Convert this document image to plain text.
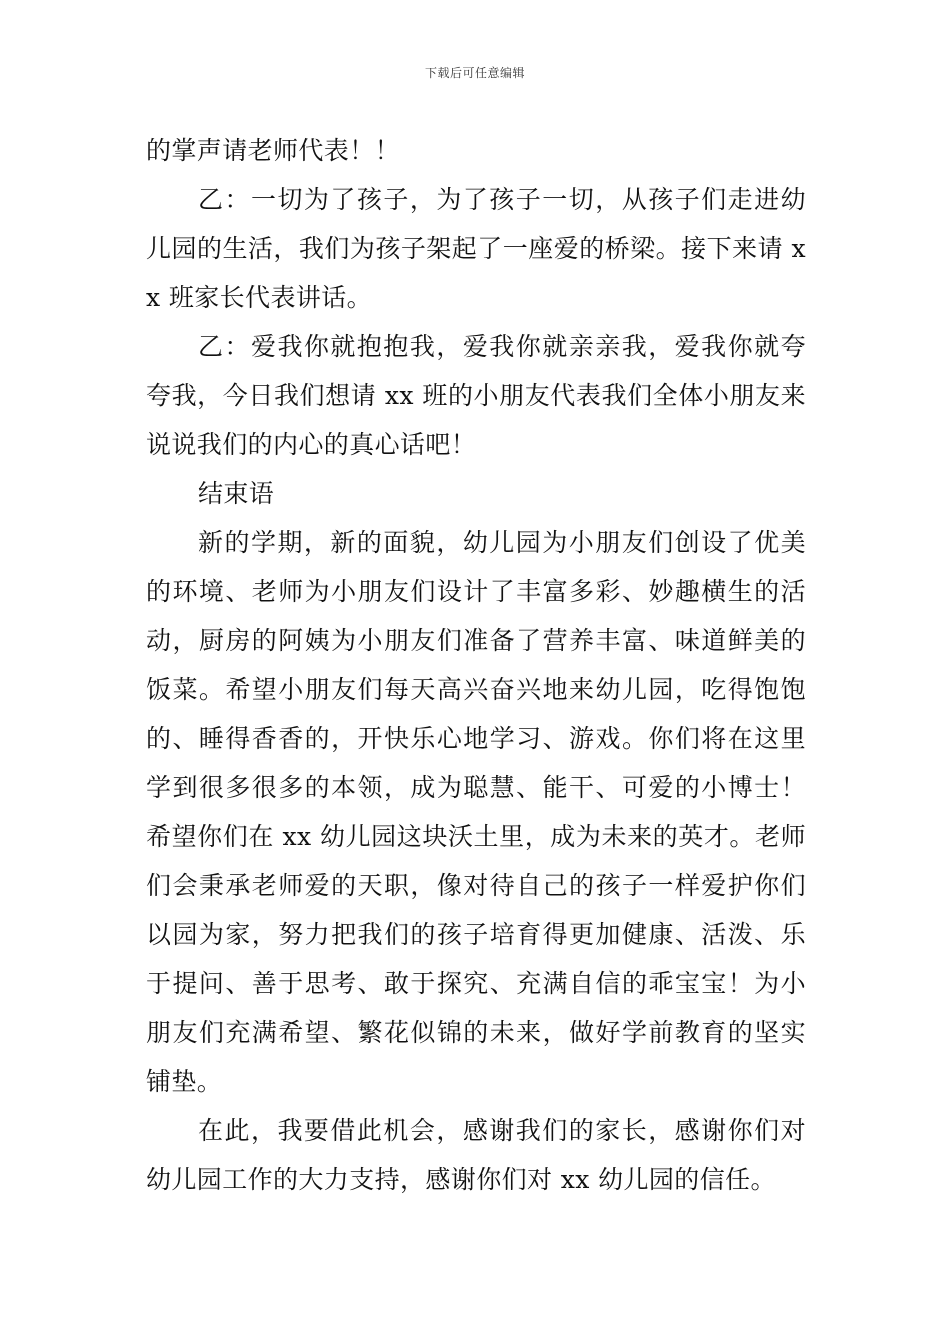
下载后可任意编辑

的掌声请老师代表！！

乙：一切为了孩子，为了孩子一切，从孩子们走进幼儿园的生活，我们为孩子架起了一座爱的桥梁。接下来请 xx 班家长代表讲话。

乙：爱我你就抱抱我，爱我你就亲亲我，爱我你就夸夸我，今日我们想请 xx 班的小朋友代表我们全体小朋友来说说我们的内心的真心话吧！

结束语

新的学期，新的面貌，幼儿园为小朋友们创设了优美的环境、老师为小朋友们设计了丰富多彩、妙趣横生的活动，厨房的阿姨为小朋友们准备了营养丰富、味道鲜美的饭菜。希望小朋友们每天高兴奋兴地来幼儿园，吃得饱饱的、睡得香香的，开快乐心地学习、游戏。你们将在这里学到很多很多的本领，成为聪慧、能干、可爱的小博士！希望你们在 xx 幼儿园这块沃土里，成为未来的英才。老师们会秉承老师爱的天职，像对待自己的孩子一样爱护你们以园为家，努力把我们的孩子培育得更加健康、活泼、乐于提问、善于思考、敢于探究、充满自信的乖宝宝！为小朋友们充满希望、繁花似锦的未来，做好学前教育的坚实铺垫。

在此，我要借此机会，感谢我们的家长，感谢你们对幼儿园工作的大力支持，感谢你们对 xx 幼儿园的信任。
